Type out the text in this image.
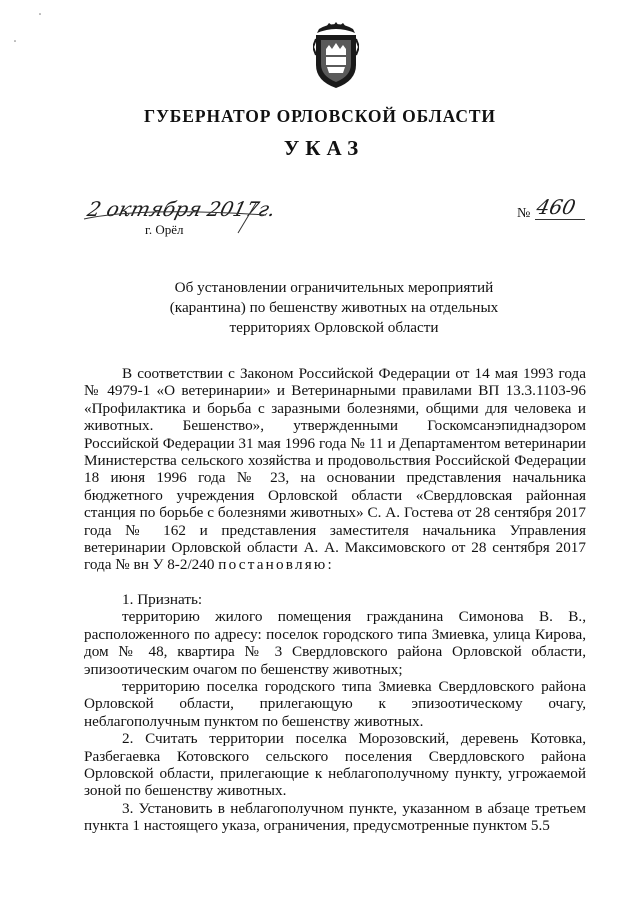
ГУБЕРНАТОР ОРЛОВСКОЙ ОБЛАСТИ
УКАЗ
2 октября 2017г.
г. Орёл
№ 460
Об установлении ограничительных мероприятий (карантина) по бешенству животных на отдельных территориях Орловской области

В соответствии с Законом Российской Федерации от 14 мая 1993 года № 4979-1 «О ветеринарии» и Ветеринарными правилами ВП 13.3.1103-96 «Профилактика и борьба с заразными болезнями, общими для человека и животных. Бешенство», утвержденными Госкомсанэпиднадзором Российской Федерации 31 мая 1996 года № 11 и Департаментом ветеринарии Министерства сельского хозяйства и продовольствия Российской Федерации 18 июня 1996 года № 23, на основании представления начальника бюджетного учреждения Орловской области «Свердловская районная станция по борьбе с болезнями животных» С. А. Гостева от 28 сентября 2017 года № 162 и представления заместителя начальника Управления ветеринарии Орловской области А. А. Максимовского от 28 сентября 2017 года № вн У 8-2/240 постановляю:

1. Признать:

территорию жилого помещения гражданина Симонова В. В., расположенного по адресу: поселок городского типа Змиевка, улица Кирова, дом № 48, квартира № 3 Свердловского района Орловской области, эпизоотическим очагом по бешенству животных;

территорию поселка городского типа Змиевка Свердловского района Орловской области, прилегающую к эпизоотическому очагу, неблагополучным пунктом по бешенству животных.

2. Считать территории поселка Морозовский, деревень Котовка, Разбегаевка Котовского сельского поселения Свердловского района Орловской области, прилегающие к неблагополучному пункту, угрожаемой зоной по бешенству животных.

3. Установить в неблагополучном пункте, указанном в абзаце третьем пункта 1 настоящего указа, ограничения, предусмотренные пунктом 5.5
